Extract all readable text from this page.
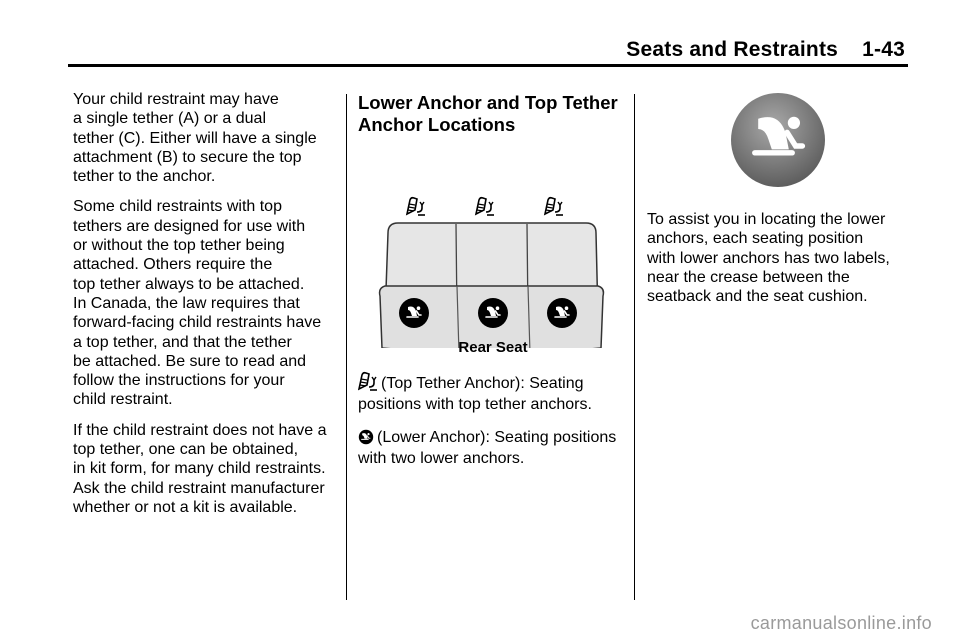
Seats and Restraints    1-43

Your child restraint may have
a single tether (A) or a dual
tether (C). Either will have a single
attachment (B) to secure the top
tether to the anchor.

Some child restraints with top
tethers are designed for use with
or without the top tether being
attached. Others require the
top tether always to be attached.
In Canada, the law requires that
forward-facing child restraints have
a top tether, and that the tether
be attached. Be sure to read and
follow the instructions for your
child restraint.

If the child restraint does not have a
top tether, one can be obtained,
in kit form, for many child restraints.
Ask the child restraint manufacturer
whether or not a kit is available.

Lower Anchor and Top Tether
Anchor Locations
Rear Seat

(Top Tether Anchor): Seating
positions with top tether anchors.

(Lower Anchor): Seating positions
with two lower anchors.

To assist you in locating the lower
anchors, each seating position
with lower anchors has two labels,
near the crease between the
seatback and the seat cushion.

carmanualsonline.info
